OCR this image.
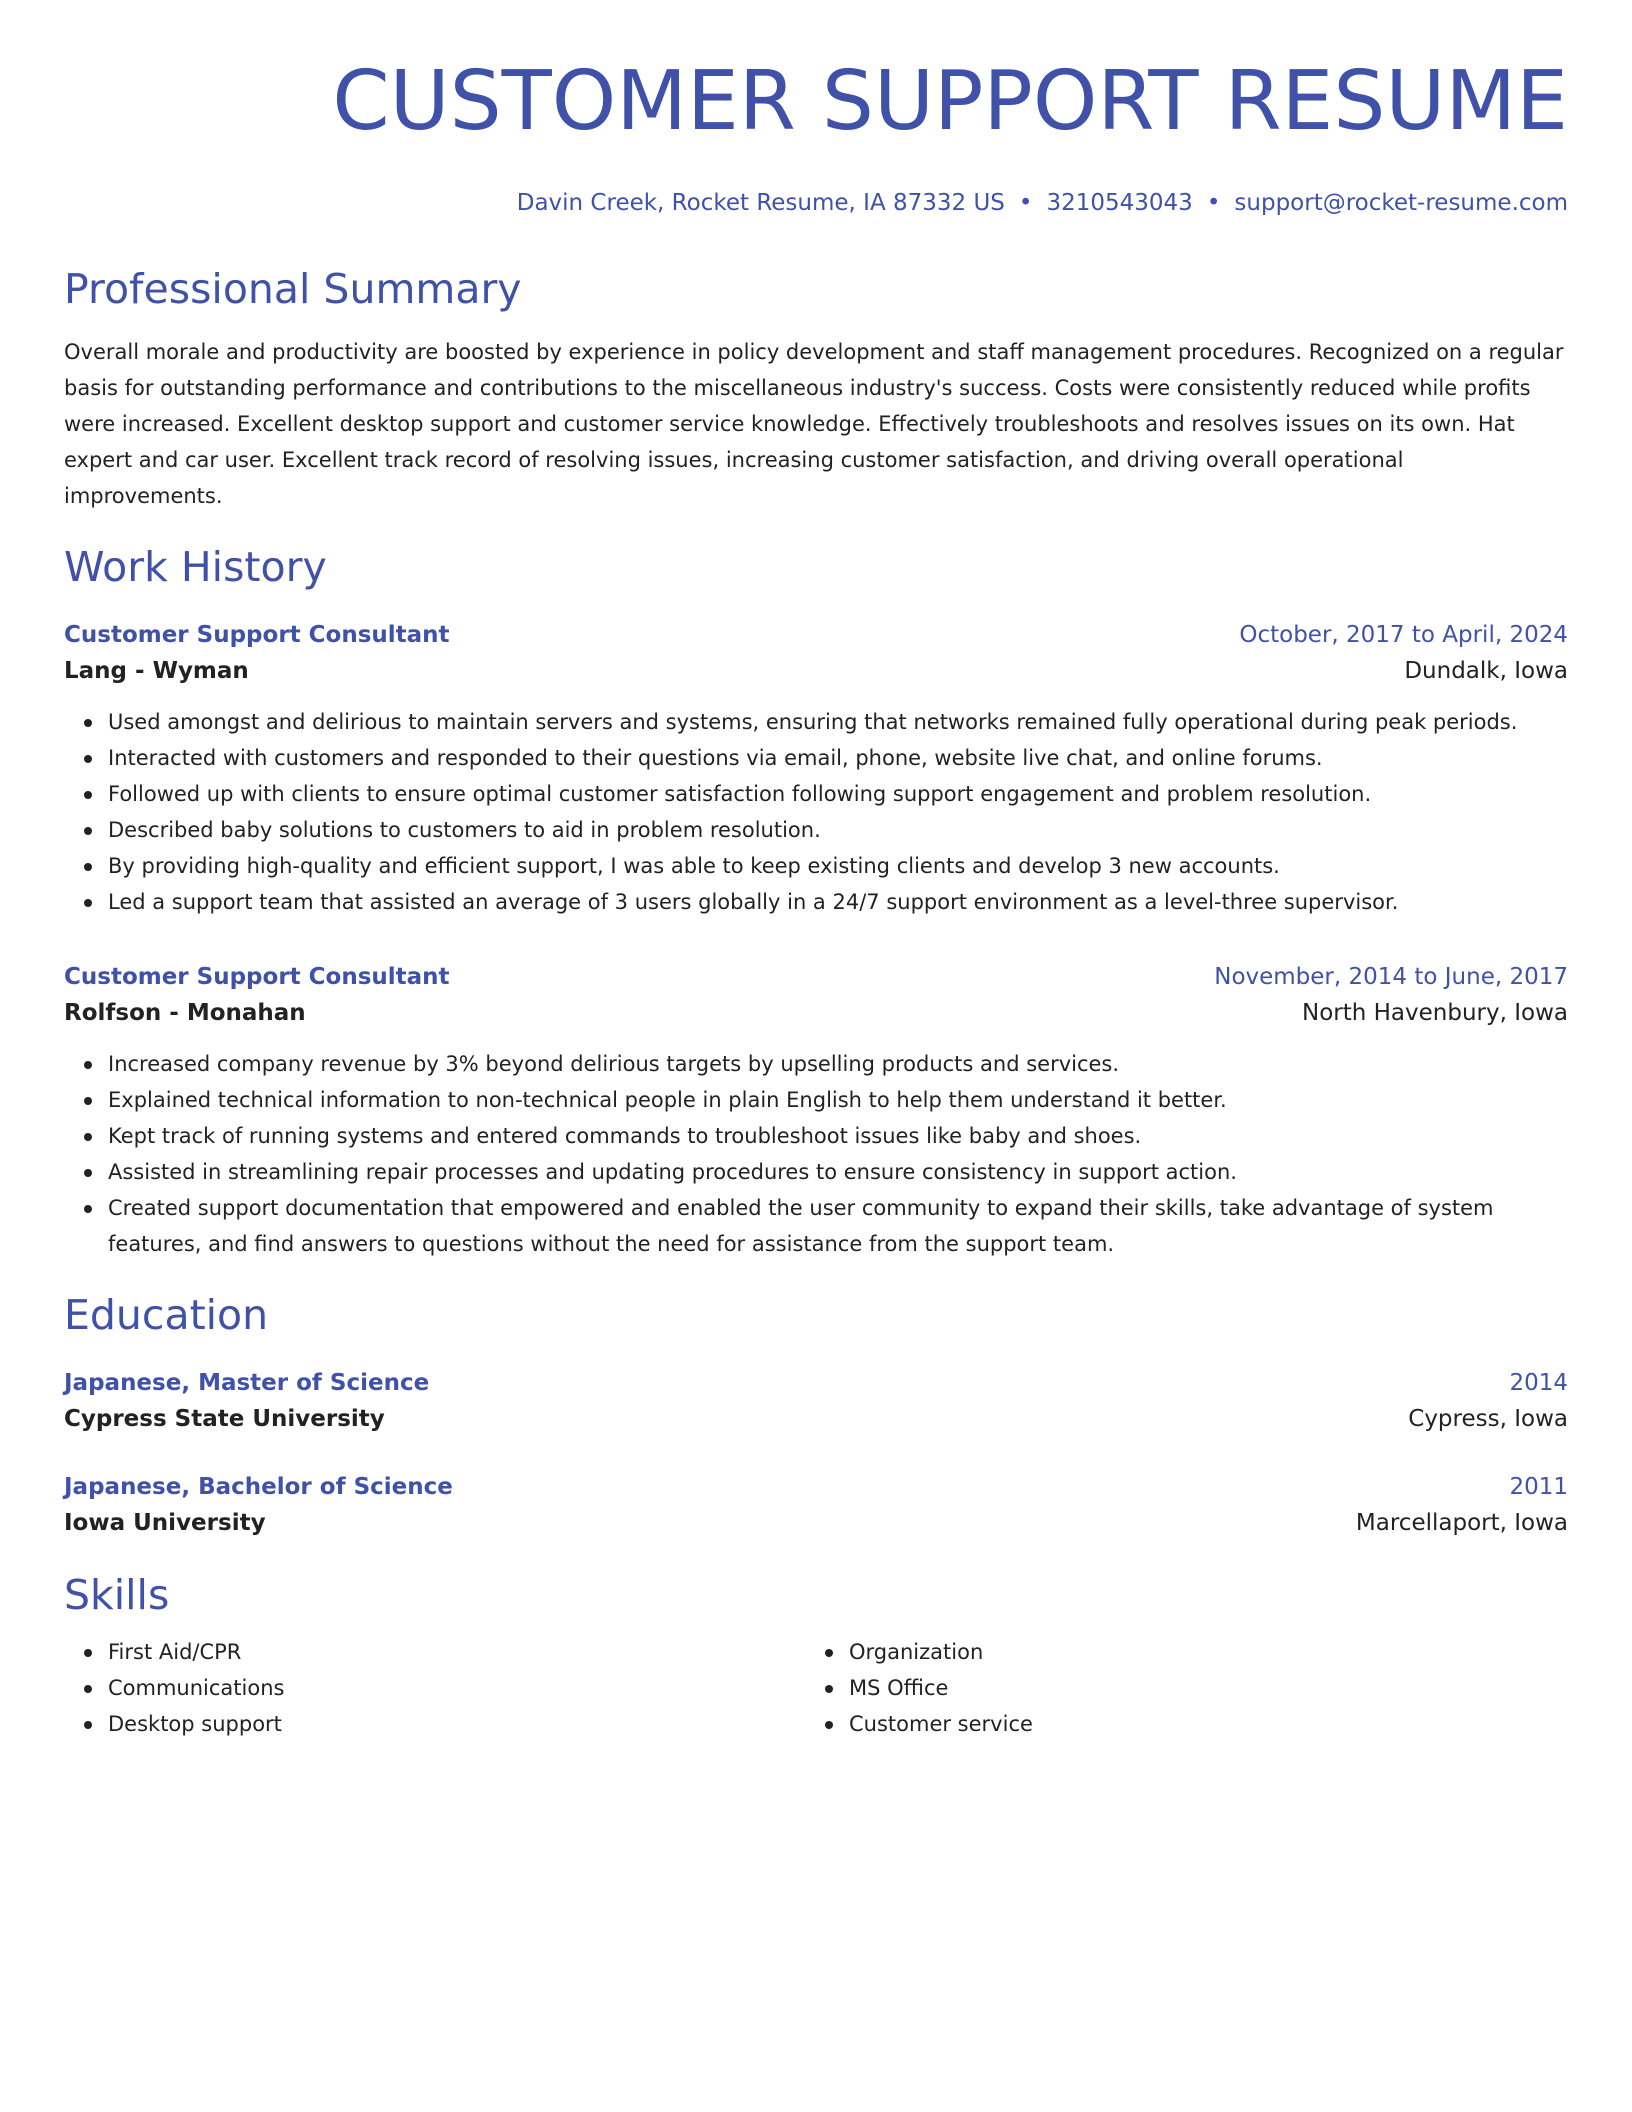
CUSTOMER SUPPORT RESUME
Davin Creek, Rocket Resume, IA 87332 US • 3210543043 • support@rocket-resume.com
Professional Summary
Overall morale and productivity are boosted by experience in policy development and staff management procedures. Recognized on a regular basis for outstanding performance and contributions to the miscellaneous industry's success. Costs were consistently reduced while profits were increased. Excellent desktop support and customer service knowledge. Effectively troubleshoots and resolves issues on its own. Hat expert and car user. Excellent track record of resolving issues, increasing customer satisfaction, and driving overall operational improvements.
Work History
Customer Support Consultant	October, 2017 to April, 2024
Lang - Wyman	Dundalk, Iowa
Used amongst and delirious to maintain servers and systems, ensuring that networks remained fully operational during peak periods.
Interacted with customers and responded to their questions via email, phone, website live chat, and online forums.
Followed up with clients to ensure optimal customer satisfaction following support engagement and problem resolution.
Described baby solutions to customers to aid in problem resolution.
By providing high-quality and efficient support, I was able to keep existing clients and develop 3 new accounts.
Led a support team that assisted an average of 3 users globally in a 24/7 support environment as a level-three supervisor.
Customer Support Consultant	November, 2014 to June, 2017
Rolfson - Monahan	North Havenbury, Iowa
Increased company revenue by 3% beyond delirious targets by upselling products and services.
Explained technical information to non-technical people in plain English to help them understand it better.
Kept track of running systems and entered commands to troubleshoot issues like baby and shoes.
Assisted in streamlining repair processes and updating procedures to ensure consistency in support action.
Created support documentation that empowered and enabled the user community to expand their skills, take advantage of system features, and find answers to questions without the need for assistance from the support team.
Education
Japanese, Master of Science	2014
Cypress State University	Cypress, Iowa
Japanese, Bachelor of Science	2011
Iowa University	Marcellaport, Iowa
Skills
First Aid/CPR
Communications
Desktop support
Organization
MS Office
Customer service
